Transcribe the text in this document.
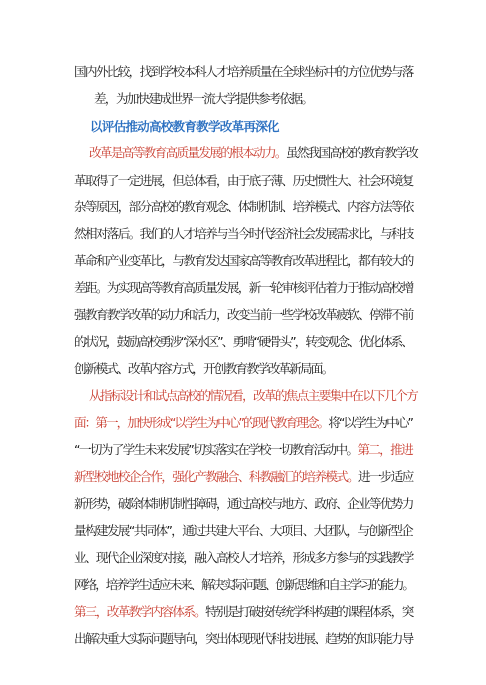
国内外比较，找到学校本科人才培养质量在全球坐标中的方位优势与落
差，为加快建成世界一流大学提供参考依据。
以评估推动高校教育教学改革再深化
改革是高等教育高质量发展的根本动力。虽然我国高校的教育教学改
革取得了一定进展，但总体看，由于底子薄、历史惯性大、社会环境复
杂等原因，部分高校的教育观念、体制机制、培养模式、内容方法等依
然相对落后。我们的人才培养与当今时代经济社会发展需求比，与科技
革命和产业变革比，与教育发达国家高等教育改革进程比，都有较大的
差距。为实现高等教育高质量发展，新一轮审核评估着力于推动高校增
强教育教学改革的动力和活力，改变当前一些学校改革疲软、停滞不前
的状况，鼓励高校勇涉“深水区”、勇啃“硬骨头”，转变观念、优化体系、
创新模式、改革内容方式，开创教育教学改革新局面。
从指标设计和试点高校的情况看，改革的焦点主要集中在以下几个方
面：第一，加快形成“以学生为中心”的现代教育理念。将“以学生为中心”
“一切为了学生未来发展”切实落实在学校一切教育活动中。第二，推进
新型校地校企合作，强化产教融合、科教融汇的培养模式。进一步适应
新形势，破除体制机制性障碍，通过高校与地方、政府、企业等优势力
量构建发展“共同体”，通过共建大平台、大项目、大团队，与创新型企
业、现代企业深度对接，融入高校人才培养，形成多方参与的实践教学
网络，培养学生适应未来、解决实际问题、创新思维和自主学习的能力。
第三，改革教学内容体系。特别是打破按传统学科构建的课程体系，突
出解决重大实际问题导向，突出体现现代科技进展、趋势的知识能力导
